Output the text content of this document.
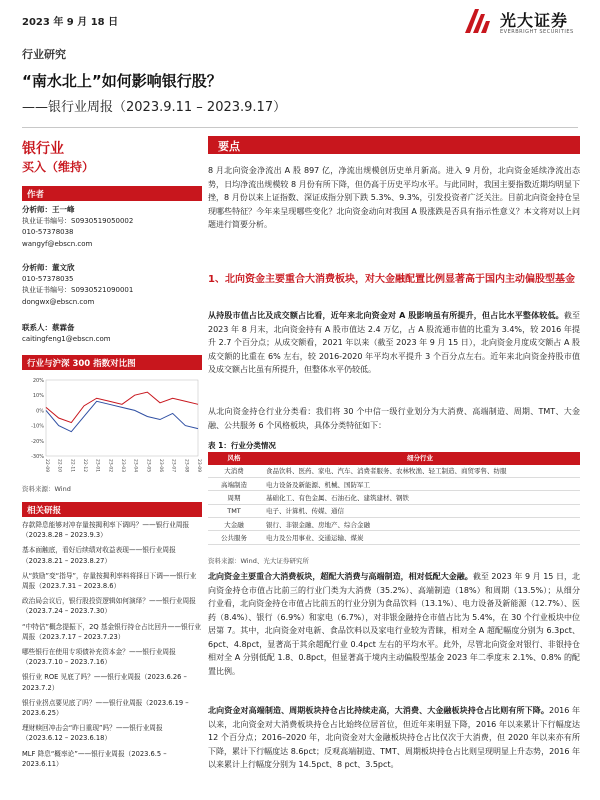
2023 年 9 月 18 日	光大证券
EVERBRIGHT SECURITIES
行业研究
“南水北上”如何影响银行股？
——银行业周报（2023.9.11 – 2023.9.17）
银行业
买入（维持）
作者
分析师：王一峰
执业证书编号：S0930519050002
010-57378038
wangyf@ebscn.com
分析师：董文欣
010-57378035
执业证书编号：S0930521090001
dongwx@ebscn.com
联系人：蔡霖备
caitingfeng1@ebscn.com
行业与沪深 300 指数对比图
20%
10%
0%
-10%
-20%
-30%
22-09 22-10 22-11 22-12 23-01 23-02 23-03 23-04 23-05 23-06 23-07 23-08 23-09
资料来源：Wind
相关研报
存款降息能够对冲存量按揭利率下调吗？——银行业周报（2023.8.28 – 2023.9.3）
基本面触底，看好后续绩对收益表现——银行业周报（2023.8.21 – 2023.8.27）
从“鼓励”变“指导”，存量按揭利率料将择日下调——银行业周报（2023.7.31 – 2023.8.6）
政治局会议后，银行股投资逻辑如何演绎？——银行业周报（2023.7.24 – 2023.7.30）
“中特估”概念提振下，2Q 基金银行持仓占比回升——银行业周报（2023.7.17 – 2023.7.23）
哪些银行在使用专项债补充资本金？——银行业周报（2023.7.10 – 2023.7.16）
银行业 ROE 见底了吗？——银行业周报（2023.6.26 – 2023.7.2）
银行业拐点要见底了吗？——银行业周报（2023.6.19 – 2023.6.25）
理财赎回冲击会“昨日重现”吗？——银行业周报（2023.6.12 – 2023.6.18）
MLF 降息“概率论”——银行业周报（2023.6.5 – 2023.6.11）
要点
8 月北向资金净流出 A 股 897 亿，净流出规模创历史单月新高。进入 9 月份，北向资金延续净流出态势，日均净流出规模较 8 月份有所下降，但仍高于历史平均水平。与此同时，我国主要指数近期均明显下挫，8 月份以来上证指数、深证成指分别下跌 5.3%、9.3%，引发投资者广泛关注。目前北向资金持仓呈现哪些特征？今年来呈现哪些变化？北向资金动向对我国 A 股涨跌是否具有指示性意义？本文将对以上问题进行简要分析。
1、北向资金主要重合大消费板块，对大金融配置比例显著高于国内主动偏股型基金
从持股市值占比及成交额占比看，近年来北向资金对 A 股影响虽有所提升，但占比水平整体较低。截至 2023 年 8 月末，北向资金持有 A 股市值达 2.4 万亿，占 A 股流通市值的比重为 3.4%，较 2016 年提升 2.7 个百分点；从成交额看，2021 年以来（截至 2023 年 9 月 15 日），北向资金月度成交额占 A 股成交额的比重在 6% 左右，较 2016-2020 年平均水平提升 3 个百分点左右。近年来北向资金持股市值及成交额占比虽有所提升，但整体水平仍较低。
从北向资金持仓行业分类看：我们将 30 个中信一级行业划分为大消费、高端制造、周期、TMT、大金融、公共服务 6 个风格板块，具体分类特征如下：
表 1：行业分类情况
风格	细分行业
大消费	食品饮料、医药、家电、汽车、消费者服务、农林牧渔、轻工制造、商贸零售、纺服
高端制造	电力设备及新能源、机械、国防军工
周期	基础化工、有色金属、石油石化、建筑建材、钢铁
TMT	电子、计算机、传媒、通信
大金融	银行、非银金融、房地产、综合金融
公共服务	电力及公用事业、交通运输、煤炭
资料来源：Wind、光大证券研究所
北向资金主要重合大消费板块，超配大消费与高端制造，相对低配大金融。截至 2023 年 9 月 15 日，北向资金持仓市值占比前三的行业门类为大消费（35.2%）、高端制造（18%）和周期（13.5%）；从细分行业看，北向资金持仓市值占比前五的行业分别为食品饮料（13.1%）、电力设备及新能源（12.7%）、医药（8.4%）、银行（6.9%）和家电（6.7%），对非银金融持仓市值占比为 5.4%，在 30 个行业板块中位居第 7。其中，北向资金对电新、食品饮料以及家电行业较为青睐，相对全 A 超配幅度分别为 6.3pct、6pct、4.8pct，显著高于其余超配行业 0.4pct 左右的平均水平。此外，尽管北向资金对银行、非银持仓相对全 A 分别低配 1.8、0.8pct，但显著高于境内主动偏股型基金 2023 年二季度末 2.1%、0.8% 的配置比例。
北向资金对高端制造、周期板块持仓占比持续走高，大消费、大金融板块持仓占比则有所下降。2016 年以来，北向资金对大消费板块持仓占比始终位居首位，但近年来明显下降，2016 年以来累计下行幅度达 12 个百分点；2016–2020 年，北向资金对大金融板块持仓占比仅次于大消费，但 2020 年以来亦有所下降，累计下行幅度达 8.6pct；反观高端制造、TMT、周期板块持仓占比则呈现明显上升态势，2016 年以来累计上行幅度分别为 14.5pct、8 pct、3.5pct。
